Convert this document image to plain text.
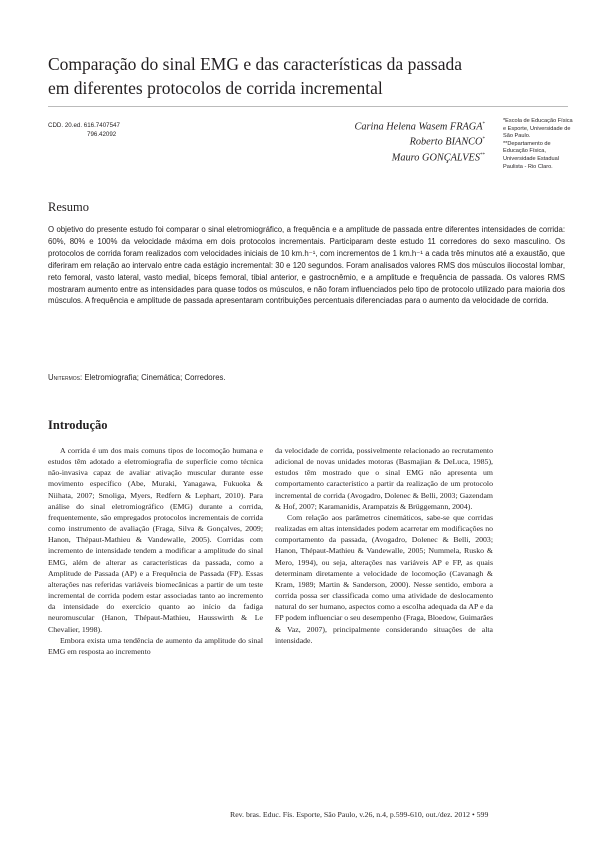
Comparação do sinal EMG e das características da passada
em diferentes protocolos de corrida incremental
CDD. 20.ed. 616.7407547
796.42092
Carina Helena Wasem FRAGA*
Roberto BIANCO*
Mauro GONÇALVES**
*Escola de Educação Física e Esporte, Universidade de São Paulo.
**Departamento de Educação Física, Universidade Estadual Paulista - Rio Claro.
Resumo
O objetivo do presente estudo foi comparar o sinal eletromiográfico, a frequência e a amplitude de passada entre diferentes intensidades de corrida: 60%, 80% e 100% da velocidade máxima em dois protocolos incrementais. Participaram deste estudo 11 corredores do sexo masculino. Os protocolos de corrida foram realizados com velocidades iniciais de 10 km.h⁻¹, com incrementos de 1 km.h⁻¹ a cada três minutos até a exaustão, que diferiram em relação ao intervalo entre cada estágio incremental: 30 e 120 segundos. Foram analisados valores RMS dos músculos iliocostal lombar, reto femoral, vasto lateral, vasto medial, bíceps femoral, tibial anterior, e gastrocnêmio, e a amplitude e frequência de passada. Os valores RMS mostraram aumento entre as intensidades para quase todos os músculos, e não foram influenciados pelo tipo de protocolo utilizado para maioria dos músculos. A frequência e amplitude de passada apresentaram contribuições percentuais diferenciadas para o aumento da velocidade de corrida.
Unitermos: Eletromiografia; Cinemática; Corredores.
Introdução

A corrida é um dos mais comuns tipos de locomoção humana e estudos têm adotado a eletromiografia de superfície como técnica não-invasiva capaz de avaliar ativação muscular durante esse movimento específico (Abe, Muraki, Yanagawa, Fukuoka & Niihata, 2007; Smoliga, Myers, Redfern & Lephart, 2010). Para análise do sinal eletromiográfico (EMG) durante a corrida, frequentemente, são empregados protocolos incrementais de corrida como instrumento de avaliação (Fraga, Silva & Gonçalves, 2009; Hanon, Thépaut-Mathieu & Vandewalle, 2005). Corridas com incremento de intensidade tendem a modificar a amplitude do sinal EMG, além de alterar as características da passada, como a Amplitude de Passada (AP) e a Frequência de Passada (FP). Essas alterações nas referidas variáveis biomecânicas a partir de um teste incremental de corrida podem estar associadas tanto ao incremento da intensidade do exercício quanto ao início da fadiga neuromuscular (Hanon, Thépaut-Mathieu, Hausswirth & Le Chevalier, 1998).

Embora exista uma tendência de aumento da amplitude do sinal EMG em resposta ao incremento

da velocidade de corrida, possivelmente relacionado ao recrutamento adicional de novas unidades motoras (Basmajian & DeLuca, 1985), estudos têm mostrado que o sinal EMG não apresenta um comportamento característico a partir da realização de um protocolo incremental de corrida (Avogadro, Dolenec & Belli, 2003; Gazendam & Hof, 2007; Karamanidis, Arampatzis & Brüggemann, 2004).

Com relação aos parâmetros cinemáticos, sabe-se que corridas realizadas em altas intensidades podem acarretar em modificações no comportamento da passada, (Avogadro, Dolenec & Belli, 2003; Hanon, Thépaut-Mathieu & Vandewalle, 2005; Nummela, Rusko & Mero, 1994), ou seja, alterações nas variáveis AP e FP, as quais determinam diretamente a velocidade de locomoção (Cavanagh & Kram, 1989; Martin & Sanderson, 2000). Nesse sentido, embora a corrida possa ser classificada como uma atividade de deslocamento natural do ser humano, aspectos como a escolha adequada da AP e da FP podem influenciar o seu desempenho (Fraga, Bloedow, Guimarães & Vaz, 2007), principalmente considerando situações de alta intensidade.

Rev. bras. Educ. Fís. Esporte, São Paulo, v.26, n.4, p.599-610, out./dez. 2012 • 599
